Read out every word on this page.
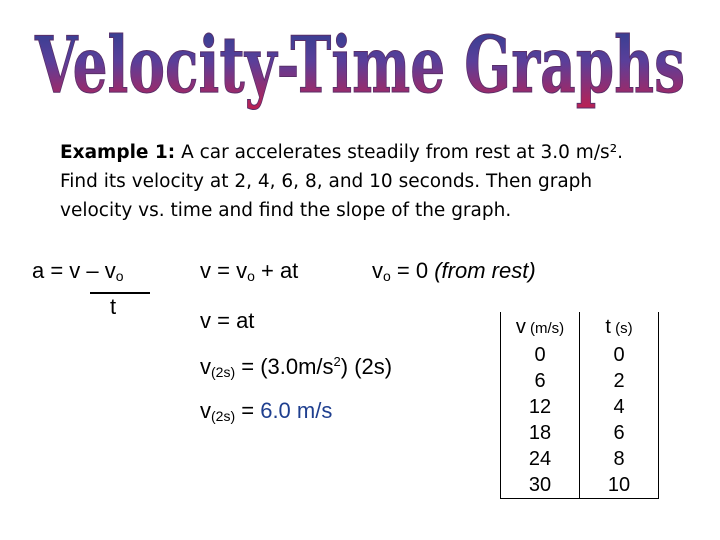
Velocity-Time Graphs
Example 1: A car accelerates steadily from rest at 3.0 m/s². Find its velocity at 2, 4, 6, 8, and 10 seconds. Then graph velocity vs. time and find the slope of the graph.
$a = v - v_o$
t
$v = v_o$ + at	$v_o = 0$ (from rest)
v = at
$v_{(2s)} = (3.0m/s^2)$ (2s)
$v_{(2s)} = 6.0$ m/s
v (m/s)	t (s)
0	0
6	2
12	4
18	6
24	8
30	10
